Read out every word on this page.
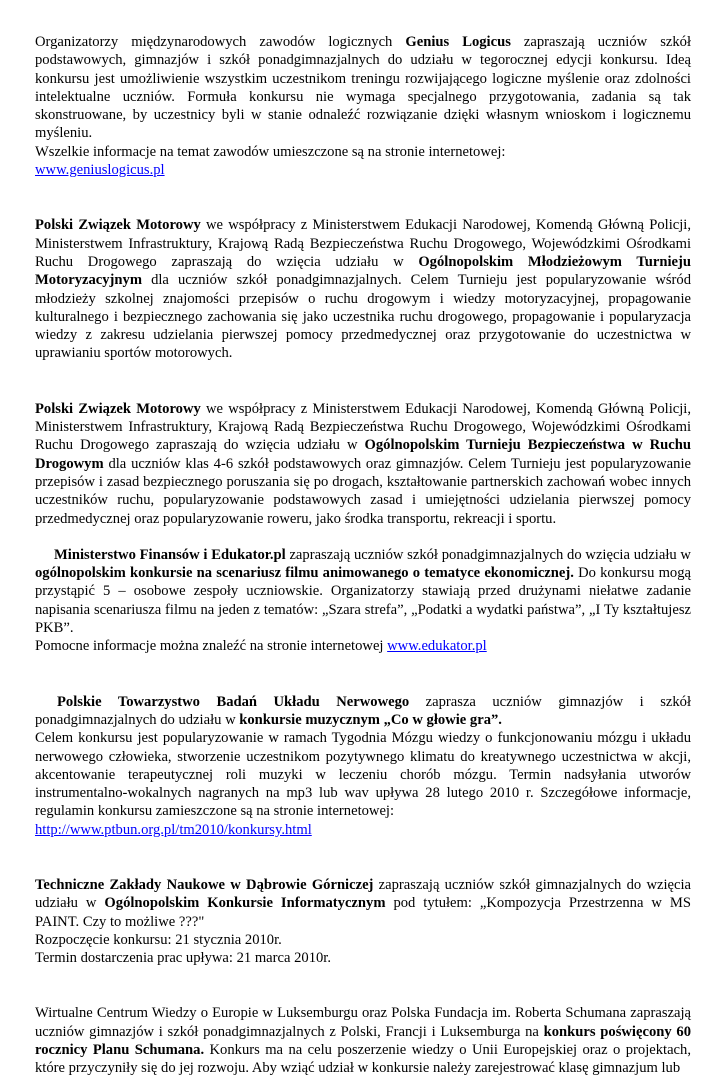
Organizatorzy międzynarodowych zawodów logicznych Genius Logicus zapraszają uczniów szkół podstawowych, gimnazjów i szkół ponadgimnazjalnych do udziału w tegorocznej edycji konkursu. Ideą konkursu jest umożliwienie wszystkim uczestnikom treningu rozwijającego logiczne myślenie oraz zdolności intelektualne uczniów. Formuła konkursu nie wymaga specjalnego przygotowania, zadania są tak skonstruowane, by uczestnicy byli w stanie odnaleźć rozwiązanie dzięki własnym wnioskom i logicznemu myśleniu.

Wszelkie informacje na temat zawodów umieszczone są na stronie internetowej:

www.geniuslogicus.pl

Polski Związek Motorowy we współpracy z Ministerstwem Edukacji Narodowej, Komendą Główną Policji, Ministerstwem Infrastruktury, Krajową Radą Bezpieczeństwa Ruchu Drogowego, Wojewódzkimi Ośrodkami Ruchu Drogowego zapraszają do wzięcia udziału w Ogólnopolskim Młodzieżowym Turnieju Motoryzacyjnym dla uczniów szkół ponadgimnazjalnych. Celem Turnieju jest popularyzowanie wśród młodzieży szkolnej znajomości przepisów o ruchu drogowym i wiedzy motoryzacyjnej, propagowanie kulturalnego i bezpiecznego zachowania się jako uczestnika ruchu drogowego, propagowanie i popularyzacja wiedzy z zakresu udzielania pierwszej pomocy przedmedycznej oraz przygotowanie do uczestnictwa w uprawianiu sportów motorowych.

Polski Związek Motorowy we współpracy z Ministerstwem Edukacji Narodowej, Komendą Główną Policji, Ministerstwem Infrastruktury, Krajową Radą Bezpieczeństwa Ruchu Drogowego, Wojewódzkimi Ośrodkami Ruchu Drogowego zapraszają do wzięcia udziału w Ogólnopolskim Turnieju Bezpieczeństwa w Ruchu Drogowym dla uczniów klas 4-6 szkół podstawowych oraz gimnazjów. Celem Turnieju jest popularyzowanie przepisów i zasad bezpiecznego poruszania się po drogach, kształtowanie partnerskich zachowań wobec innych uczestników ruchu, popularyzowanie podstawowych zasad i umiejętności udzielania pierwszej pomocy przedmedycznej oraz popularyzowanie roweru, jako środka transportu, rekreacji i sportu.

Ministerstwo Finansów i Edukator.pl zapraszają uczniów szkół ponadgimnazjalnych do wzięcia udziału w ogólnopolskim konkursie na scenariusz filmu animowanego o tematyce ekonomicznej. Do konkursu mogą przystąpić 5 – osobowe zespoły uczniowskie. Organizatorzy stawiają przed drużynami niełatwe zadanie napisania scenariusza filmu na jeden z tematów: „Szara strefa”, „Podatki a wydatki państwa”, „I Ty kształtujesz PKB”.

Pomocne informacje można znaleźć na stronie internetowej www.edukator.pl

Polskie Towarzystwo Badań Układu Nerwowego zapraszа uczniów gimnazjów i szkół ponadgimnazjalnych do udziału w konkursie muzycznym „Co w głowie gra”.

Celem konkursu jest popularyzowanie w ramach Tygodnia Mózgu wiedzy o funkcjonowaniu mózgu i układu nerwowego człowieka, stworzenie uczestnikom pozytywnego klimatu do kreatywnego uczestnictwa w akcji, akcentowanie terapeutycznej roli muzyki w leczeniu chorób mózgu. Termin nadsyłania utworów instrumentalno-wokalnych nagranych na mp3 lub wav upływa 28 lutego 2010 r. Szczegółowe informacje, regulamin konkursu zamieszczone są na stronie internetowej:

http://www.ptbun.org.pl/tm2010/konkursy.html

Techniczne Zakłady Naukowe w Dąbrowie Górniczej zapraszają uczniów szkół gimnazjalnych do wzięcia udziału w Ogólnopolskim Konkursie Informatycznym pod tytułem: „Kompozycja Przestrzenna w MS PAINT. Czy to możliwe ???"

Rozpoczęcie konkursu: 21 stycznia 2010r.

Termin dostarczenia prac upływa: 21 marca 2010r.

Wirtualne Centrum Wiedzy o Europie w Luksemburgu oraz Polska Fundacja im. Roberta Schumana zapraszają uczniów gimnazjów i szkół ponadgimnazjalnych z Polski, Francji i Luksemburga na konkurs poświęcony 60 rocznicy Planu Schumana. Konkurs ma na celu poszerzenie wiedzy o Unii Europejskiej oraz o projektach, które przyczyniły się do jej rozwoju. Aby wziąć udział w konkursie należy zarejestrować klasę gimnazjum lub
